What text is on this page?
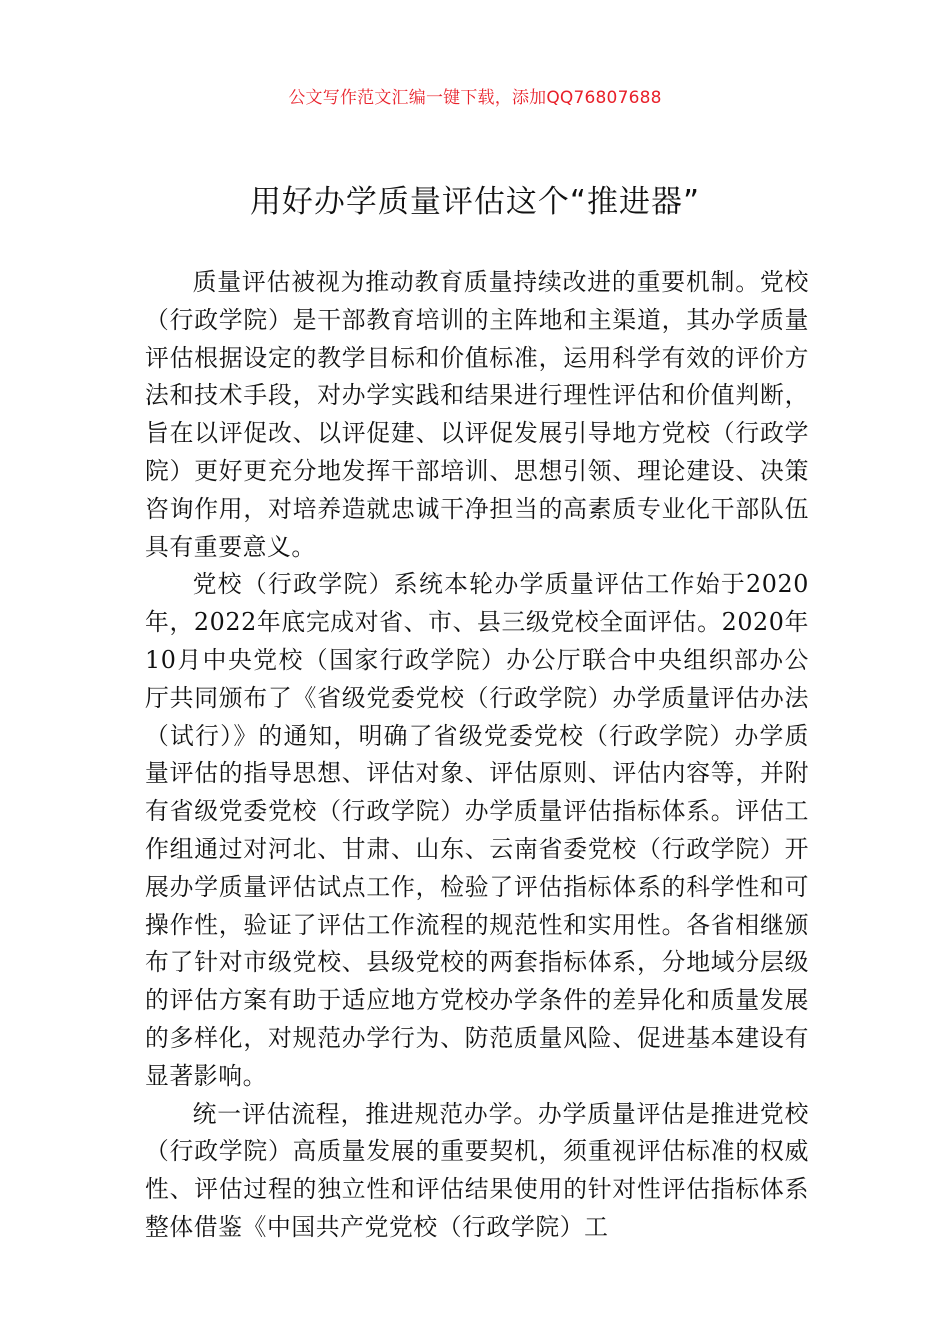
公文写作范文汇编一键下载，添加QQ76807688
用好办学质量评估这个“推进器”

质量评估被视为推动教育质量持续改进的重要机制。党校（行政学院）是干部教育培训的主阵地和主渠道，其办学质量评估根据设定的教学目标和价值标准，运用科学有效的评价方法和技术手段，对办学实践和结果进行理性评估和价值判断，旨在以评促改、以评促建、以评促发展引导地方党校（行政学院）更好更充分地发挥干部培训、思想引领、理论建设、决策咨询作用，对培养造就忠诚干净担当的高素质专业化干部队伍具有重要意义。

党校（行政学院）系统本轮办学质量评估工作始于2020年，2022年底完成对省、市、县三级党校全面评估。2020年10月中央党校（国家行政学院）办公厅联合中央组织部办公厅共同颁布了《省级党委党校（行政学院）办学质量评估办法（试行）》的通知，明确了省级党委党校（行政学院）办学质量评估的指导思想、评估对象、评估原则、评估内容等，并附有省级党委党校（行政学院）办学质量评估指标体系。评估工作组通过对河北、甘肃、山东、云南省委党校（行政学院）开展办学质量评估试点工作，检验了评估指标体系的科学性和可操作性，验证了评估工作流程的规范性和实用性。各省相继颁布了针对市级党校、县级党校的两套指标体系，分地域分层级的评估方案有助于适应地方党校办学条件的差异化和质量发展的多样化，对规范办学行为、防范质量风险、促进基本建设有显著影响。

统一评估流程，推进规范办学。办学质量评估是推进党校（行政学院）高质量发展的重要契机，须重视评估标准的权威性、评估过程的独立性和评估结果使用的针对性评估指标体系整体借鉴《中国共产党党校（行政学院）工
